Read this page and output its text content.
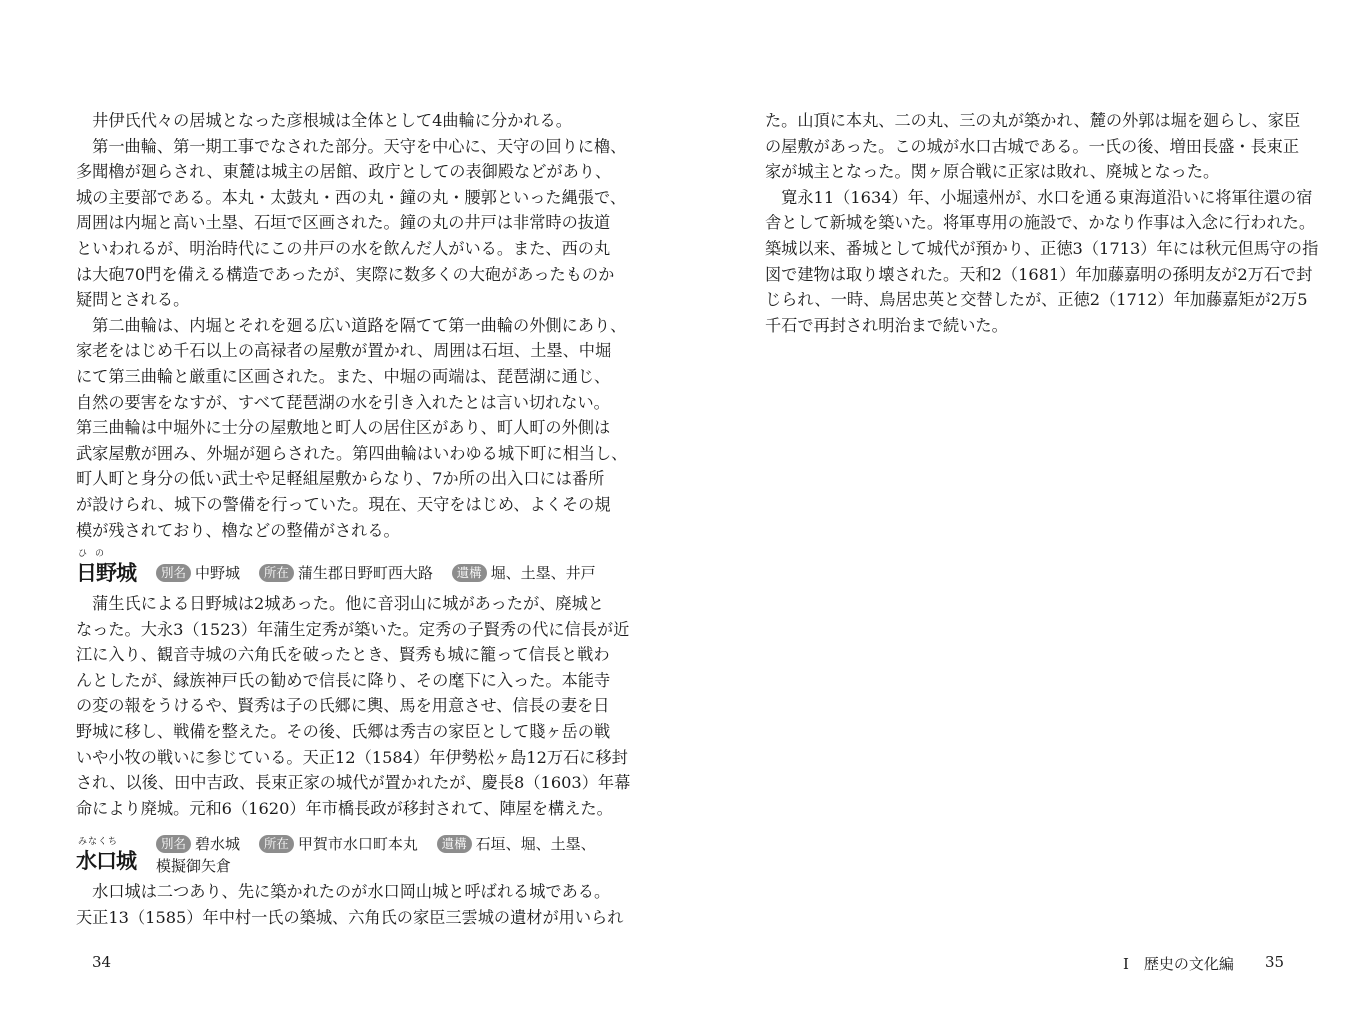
　井伊氏代々の居城となった彦根城は全体として4曲輪に分かれる。
　第一曲輪、第一期工事でなされた部分。天守を中心に、天守の回りに櫓、
多聞櫓が廻らされ、東麓は城主の居館、政庁としての表御殿などがあり、
城の主要部である。本丸・太鼓丸・西の丸・鐘の丸・腰郭といった縄張で、
周囲は内堀と高い土塁、石垣で区画された。鐘の丸の井戸は非常時の抜道
といわれるが、明治時代にこの井戸の水を飲んだ人がいる。また、西の丸
は大砲70門を備える構造であったが、実際に数多くの大砲があったものか
疑問とされる。
　第二曲輪は、内堀とそれを廻る広い道路を隔てて第一曲輪の外側にあり、
家老をはじめ千石以上の高禄者の屋敷が置かれ、周囲は石垣、土塁、中堀
にて第三曲輪と厳重に区画された。また、中堀の両端は、琵琶湖に通じ、
自然の要害をなすが、すべて琵琶湖の水を引き入れたとは言い切れない。
第三曲輪は中堀外に士分の屋敷地と町人の居住区があり、町人町の外側は
武家屋敷が囲み、外堀が廻らされた。第四曲輪はいわゆる城下町に相当し、
町人町と身分の低い武士や足軽組屋敷からなり、7か所の出入口には番所
が設けられ、城下の警備を行っていた。現在、天守をはじめ、よくその規
模が残されており、櫓などの整備がされる。
ひの
日野城	別名 中野城 所在 蒲生郡日野町西大路 遺構 堀、土塁、井戸
　蒲生氏による日野城は2城あった。他に音羽山に城があったが、廃城と
なった。大永3（1523）年蒲生定秀が築いた。定秀の子賢秀の代に信長が近
江に入り、観音寺城の六角氏を破ったとき、賢秀も城に籠って信長と戦わ
んとしたが、縁族神戸氏の勧めで信長に降り、その麾下に入った。本能寺
の変の報をうけるや、賢秀は子の氏郷に輿、馬を用意させ、信長の妻を日
野城に移し、戦備を整えた。その後、氏郷は秀吉の家臣として賤ヶ岳の戦
いや小牧の戦いに参じている。天正12（1584）年伊勢松ヶ島12万石に移封
され、以後、田中吉政、長束正家の城代が置かれたが、慶長8（1603）年幕
命により廃城。元和6（1620）年市橋長政が移封されて、陣屋を構えた。
みなくち
水口城
別名 碧水城 所在 甲賀市水口町本丸 遺構 石垣、堀、土塁、
模擬御矢倉
　水口城は二つあり、先に築かれたのが水口岡山城と呼ばれる城である。
天正13（1585）年中村一氏の築城、六角氏の家臣三雲城の遺材が用いられ
た。山頂に本丸、二の丸、三の丸が築かれ、麓の外郭は堀を廻らし、家臣
の屋敷があった。この城が水口古城である。一氏の後、増田長盛・長束正
家が城主となった。関ヶ原合戦に正家は敗れ、廃城となった。
　寛永11（1634）年、小堀遠州が、水口を通る東海道沿いに将軍往還の宿
舎として新城を築いた。将軍専用の施設で、かなり作事は入念に行われた。
築城以来、番城として城代が預かり、正徳3（1713）年には秋元但馬守の指
図で建物は取り壊された。天和2（1681）年加藤嘉明の孫明友が2万石で封
じられ、一時、鳥居忠英と交替したが、正徳2（1712）年加藤嘉矩が2万5
千石で再封され明治まで続いた。
34	Ⅰ　歴史の文化編 35
